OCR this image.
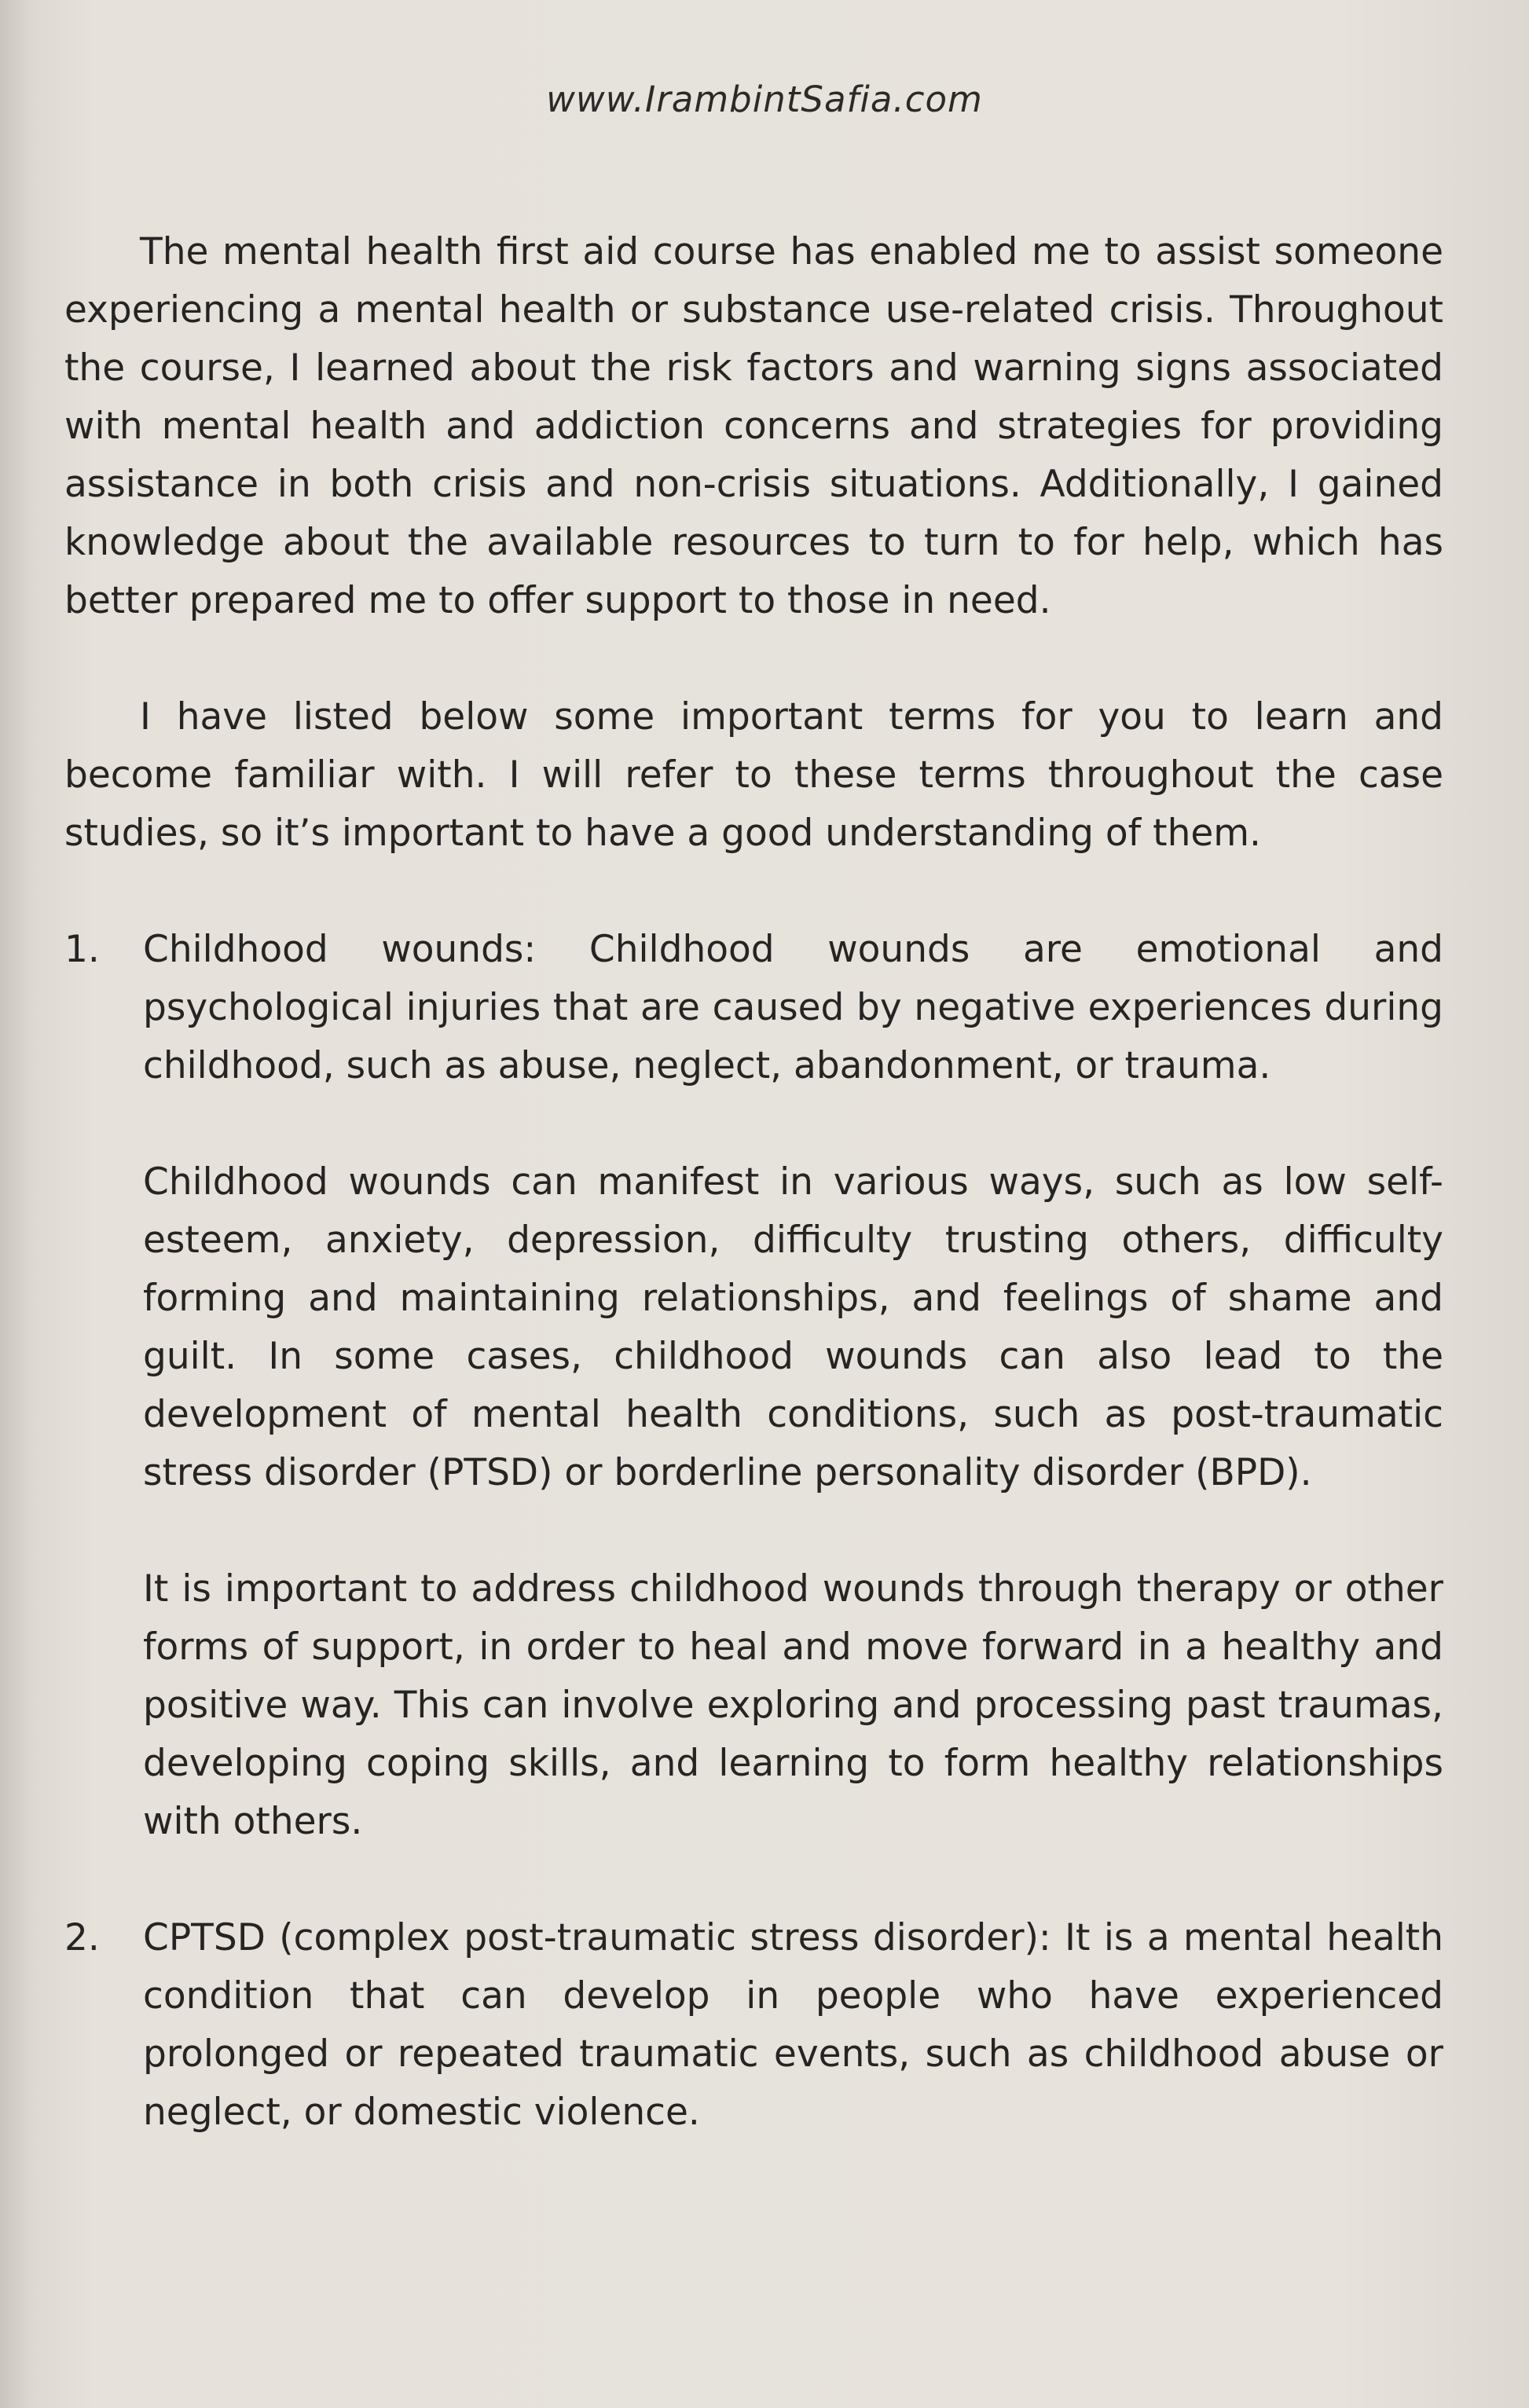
www.IrambintSafia.com

The mental health first aid course has enabled me to assist someone experiencing a mental health or substance use-related crisis. Throughout the course, I learned about the risk factors and warning signs associated with mental health and addiction concerns and strategies for providing assistance in both crisis and non-crisis situations. Additionally, I gained knowledge about the available resources to turn to for help, which has better prepared me to offer support to those in need.

I have listed below some important terms for you to learn and become familiar with. I will refer to these terms throughout the case studies, so it’s important to have a good understanding of them.

1. Childhood wounds: Childhood wounds are emotional and psychological injuries that are caused by negative experiences during childhood, such as abuse, neglect, abandonment, or trauma.

Childhood wounds can manifest in various ways, such as low self-esteem, anxiety, depression, difficulty trusting others, difficulty forming and maintaining relationships, and feelings of shame and guilt. In some cases, childhood wounds can also lead to the development of mental health conditions, such as post-traumatic stress disorder (PTSD) or borderline personality disorder (BPD).

It is important to address childhood wounds through therapy or other forms of support, in order to heal and move forward in a healthy and positive way. This can involve exploring and processing past traumas, developing coping skills, and learning to form healthy relationships with others.

2. CPTSD (complex post-traumatic stress disorder): It is a mental health condition that can develop in people who have experienced prolonged or repeated traumatic events, such as childhood abuse or neglect, or domestic violence.
